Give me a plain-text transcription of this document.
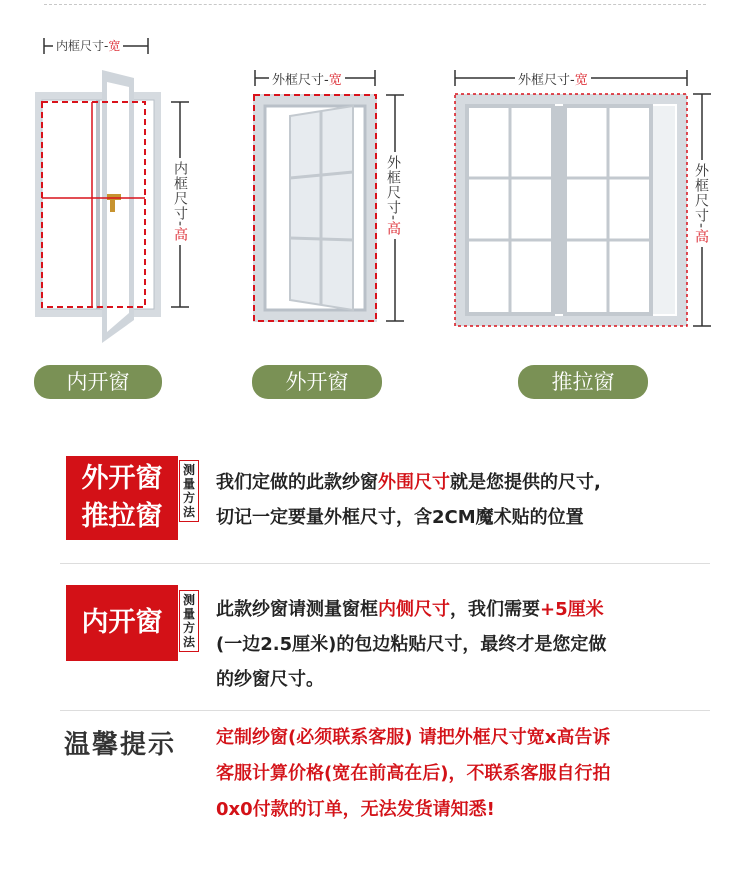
内框尺寸-宽
内框尺寸-高
外框尺寸-宽
外框尺寸-高
外框尺寸-宽
外框尺寸-高
内开窗	外开窗	推拉窗
外开窗
推拉窗
测
量
方
法
我们定做的此款纱窗外围尺寸就是您提供的尺寸,
切记一定要量外框尺寸，含2CM魔术贴的位置
内开窗
测
量
方
法
此款纱窗请测量窗框内侧尺寸，我们需要+5厘米
(一边2.5厘米)的包边粘贴尺寸，最终才是您定做
的纱窗尺寸。
温馨提示 定制纱窗(必须联系客服) 请把外框尺寸宽x高告诉
客服计算价格(宽在前高在后)，不联系客服自行拍
0x0付款的订单，无法发货请知悉!
